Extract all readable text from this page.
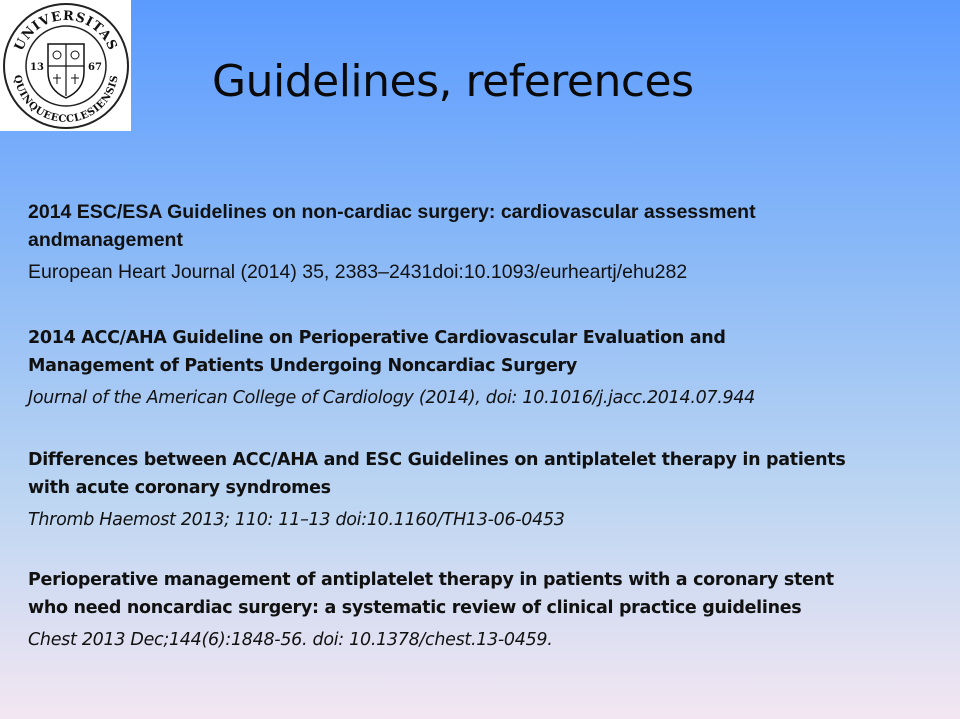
UNIVERSITAS
QUINQUEECCLESIENSIS
13	67	Guidelines, references
2014 ESC/ESA Guidelines on non-cardiac surgery: cardiovascular assessment
andmanagement
European Heart Journal (2014) 35, 2383–2431doi:10.1093/eurheartj/ehu282
2014 ACC/AHA Guideline on Perioperative Cardiovascular Evaluation and
Management of Patients Undergoing Noncardiac Surgery
Journal of the American College of Cardiology (2014), doi: 10.1016/j.jacc.2014.07.944
Differences between ACC/AHA and ESC Guidelines on antiplatelet therapy in patients
with acute coronary syndromes
Thromb Haemost 2013; 110: 11–13 doi:10.1160/TH13-06-0453
Perioperative management of antiplatelet therapy in patients with a coronary stent
who need noncardiac surgery: a systematic review of clinical practice guidelines
Chest 2013 Dec;144(6):1848-56. doi: 10.1378/chest.13-0459.
